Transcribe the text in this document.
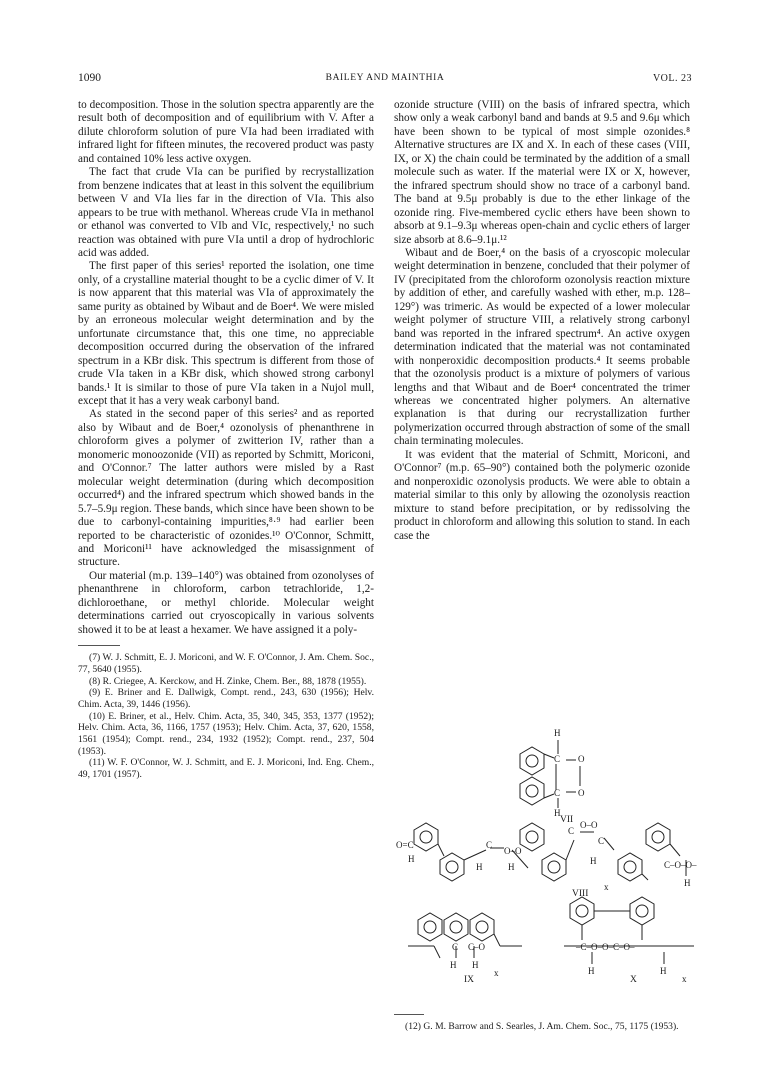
1090	BAILEY AND MAINTHIA	VOL. 23

to decomposition. Those in the solution spectra apparently are the result both of decomposition and of equilibrium with V. After a dilute chloroform solution of pure VIa had been irradiated with infrared light for fifteen minutes, the recovered product was pasty and contained 10% less active oxygen.

The fact that crude VIa can be purified by recrystallization from benzene indicates that at least in this solvent the equilibrium between V and VIa lies far in the direction of VIa. This also appears to be true with methanol. Whereas crude VIa in methanol or ethanol was converted to VIb and VIc, respectively,¹ no such reaction was obtained with pure VIa until a drop of hydrochloric acid was added.

The first paper of this series¹ reported the isolation, one time only, of a crystalline material thought to be a cyclic dimer of V. It is now apparent that this material was VIa of approximately the same purity as obtained by Wibaut and de Boer⁴. We were misled by an erroneous molecular weight determination and by the unfortunate circumstance that, this one time, no appreciable decomposition occurred during the observation of the infrared spectrum in a KBr disk. This spectrum is different from those of crude VIa taken in a KBr disk, which showed strong carbonyl bands.¹ It is similar to those of pure VIa taken in a Nujol mull, except that it has a very weak carbonyl band.

As stated in the second paper of this series² and as reported also by Wibaut and de Boer,⁴ ozonolysis of phenanthrene in chloroform gives a polymer of zwitterion IV, rather than a monomeric monoozonide (VII) as reported by Schmitt, Moriconi, and O'Connor.⁷ The latter authors were misled by a Rast molecular weight determination (during which decomposition occurred⁴) and the infrared spectrum which showed bands in the 5.7–5.9μ region. These bands, which since have been shown to be due to carbonyl-containing impurities,⁸·⁹ had earlier been reported to be characteristic of ozonides.¹⁰ O'Connor, Schmitt, and Moriconi¹¹ have acknowledged the misassignment of structure.

Our material (m.p. 139–140°) was obtained from ozonolyses of phenanthrene in chloroform, carbon tetrachloride, 1,2-dichloroethane, or methyl chloride. Molecular weight determinations carried out cryoscopically in various solvents showed it to be at least a hexamer. We have assigned it a poly-

(7) W. J. Schmitt, E. J. Moriconi, and W. F. O'Connor, J. Am. Chem. Soc., 77, 5640 (1955).

(8) R. Criegee, A. Kerckow, and H. Zinke, Chem. Ber., 88, 1878 (1955).

(9) E. Briner and E. Dallwigk, Compt. rend., 243, 630 (1956); Helv. Chim. Acta, 39, 1446 (1956).

(10) E. Briner, et al., Helv. Chim. Acta, 35, 340, 345, 353, 1377 (1952); Helv. Chim. Acta, 36, 1166, 1757 (1953); Helv. Chim. Acta, 37, 620, 1558, 1561 (1954); Compt. rend., 234, 1932 (1952); Compt. rend., 237, 504 (1953).

(11) W. F. O'Connor, W. J. Schmitt, and E. J. Moriconi, Ind. Eng. Chem., 49, 1701 (1957).

ozonide structure (VIII) on the basis of infrared spectra, which show only a weak carbonyl band and bands at 9.5 and 9.6μ which have been shown to be typical of most simple ozonides.⁸ Alternative structures are IX and X. In each of these cases (VIII, IX, or X) the chain could be terminated by the addition of a small molecule such as water. If the material were IX or X, however, the infrared spectrum should show no trace of a carbonyl band. The band at 9.5μ probably is due to the ether linkage of the ozonide ring. Five-membered cyclic ethers have been shown to absorb at 9.1–9.3μ whereas open-chain and cyclic ethers of larger size absorb at 8.6–9.1μ.¹²

Wibaut and de Boer,⁴ on the basis of a cryoscopic molecular weight determination in benzene, concluded that their polymer of IV (precipitated from the chloroform ozonolysis reaction mixture by addition of ether, and carefully washed with ether, m.p. 128–129°) was trimeric. As would be expected of a lower molecular weight polymer of structure VIII, a relatively strong carbonyl band was reported in the infrared spectrum⁴. An active oxygen determination indicated that the material was not contaminated with nonperoxidic decomposition products.⁴ It seems probable that the ozonolysis product is a mixture of polymers of various lengths and that Wibaut and de Boer⁴ concentrated the trimer whereas we concentrated higher polymers. An alternative explanation is that during our recrystallization further polymerization occurred through abstraction of some of the small chain terminating molecules.

It was evident that the material of Schmitt, Moriconi, and O'Connor⁷ (m.p. 65–90°) contained both the polymeric ozonide and nonperoxidic ozonolysis products. We were able to obtain a material similar to this only by allowing the ozonolysis reaction mixture to stand before precipitation, or by redissolving the product in chloroform and allowing this solution to stand. In each case the

H
C O
C O
H
O=C
H
C
O–O
C
O–O
C
H	C–O–O–
H
H	H
x
C C–O
H H
x
–C–O–O–C–O–
H	H
x
VII
VIII
IX	X

(12) G. M. Barrow and S. Searles, J. Am. Chem. Soc., 75, 1175 (1953).
